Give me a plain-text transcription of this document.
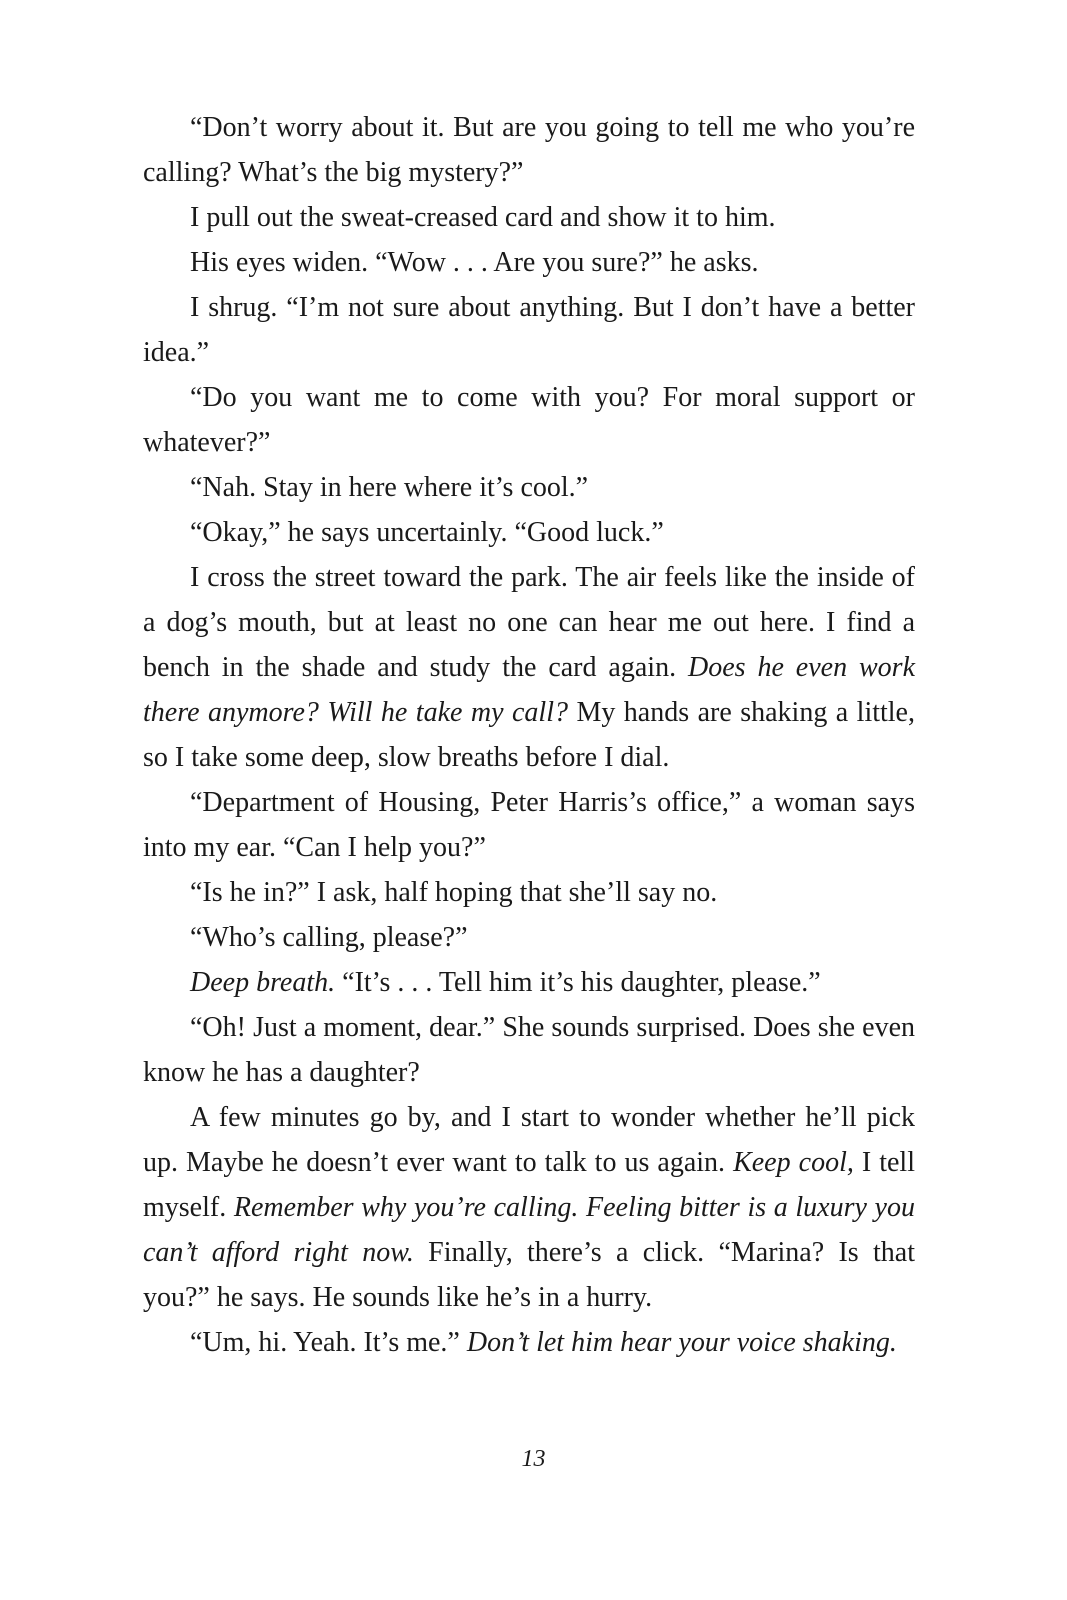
“Don’t worry about it. But are you going to tell me who you’re calling? What’s the big mystery?”

I pull out the sweat-creased card and show it to him.

His eyes widen. “Wow . . . Are you sure?” he asks.

I shrug. “I’m not sure about anything. But I don’t have a better idea.”

“Do you want me to come with you? For moral support or whatever?”

“Nah. Stay in here where it’s cool.”

“Okay,” he says uncertainly. “Good luck.”

I cross the street toward the park. The air feels like the inside of a dog’s mouth, but at least no one can hear me out here. I find a bench in the shade and study the card again. Does he even work there anymore? Will he take my call? My hands are shaking a little, so I take some deep, slow breaths before I dial.

“Department of Housing, Peter Harris’s office,” a woman says into my ear. “Can I help you?”

“Is he in?” I ask, half hoping that she’ll say no.

“Who’s calling, please?”

Deep breath. “It’s . . . Tell him it’s his daughter, please.”

“Oh! Just a moment, dear.” She sounds surprised. Does she even know he has a daughter?

A few minutes go by, and I start to wonder whether he’ll pick up. Maybe he doesn’t ever want to talk to us again. Keep cool, I tell myself. Remember why you’re calling. Feeling bitter is a luxury you can’t afford right now. Finally, there’s a click. “Marina? Is that you?” he says. He sounds like he’s in a hurry.

“Um, hi. Yeah. It’s me.” Don’t let him hear your voice shaking.

13
